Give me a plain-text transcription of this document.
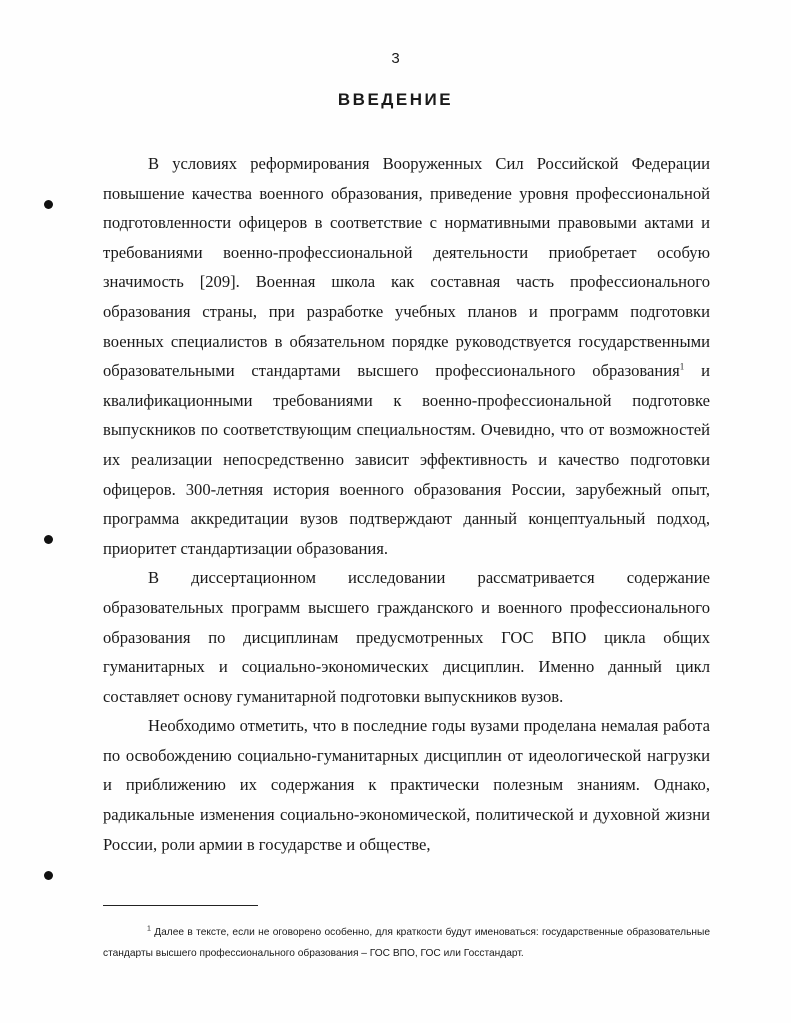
3
ВВЕДЕНИЕ

В условиях реформирования Вооруженных Сил Российской Федерации повышение качества военного образования, приведение уровня профессиональной подготовленности офицеров в соответствие с нормативными правовыми актами и требованиями военно-профессиональной деятельности приобретает особую значимость [209]. Военная школа как составная часть профессионального образования страны, при разработке учебных планов и программ подготовки военных специалистов в обязательном порядке руководствуется государственными образовательными стандартами высшего профессионального образования$^1$ и квалификационными требованиями к военно-профессиональной подготовке выпускников по соответствующим специальностям. Очевидно, что от возможностей их реализации непосредственно зависит эффективность и качество подготовки офицеров. 300-летняя история военного образования России, зарубежный опыт, программа аккредитации вузов подтверждают данный концептуальный подход, приоритет стандартизации образования.

В диссертационном исследовании рассматривается содержание образовательных программ высшего гражданского и военного профессионального образования по дисциплинам предусмотренных ГОС ВПО цикла общих гуманитарных и социально-экономических дисциплин. Именно данный цикл составляет основу гуманитарной подготовки выпускников вузов.

Необходимо отметить, что в последние годы вузами проделана немалая работа по освобождению социально-гуманитарных дисциплин от идеологической нагрузки и приближению их содержания к практически полезным знаниям. Однако, радикальные изменения социально-экономической, политической и духовной жизни России, роли армии в государстве и обществе,

$^1$ Далее в тексте, если не оговорено особенно, для краткости будут именоваться: государственные образовательные стандарты высшего профессионального образования – ГОС ВПО, ГОС или Госстандарт.
